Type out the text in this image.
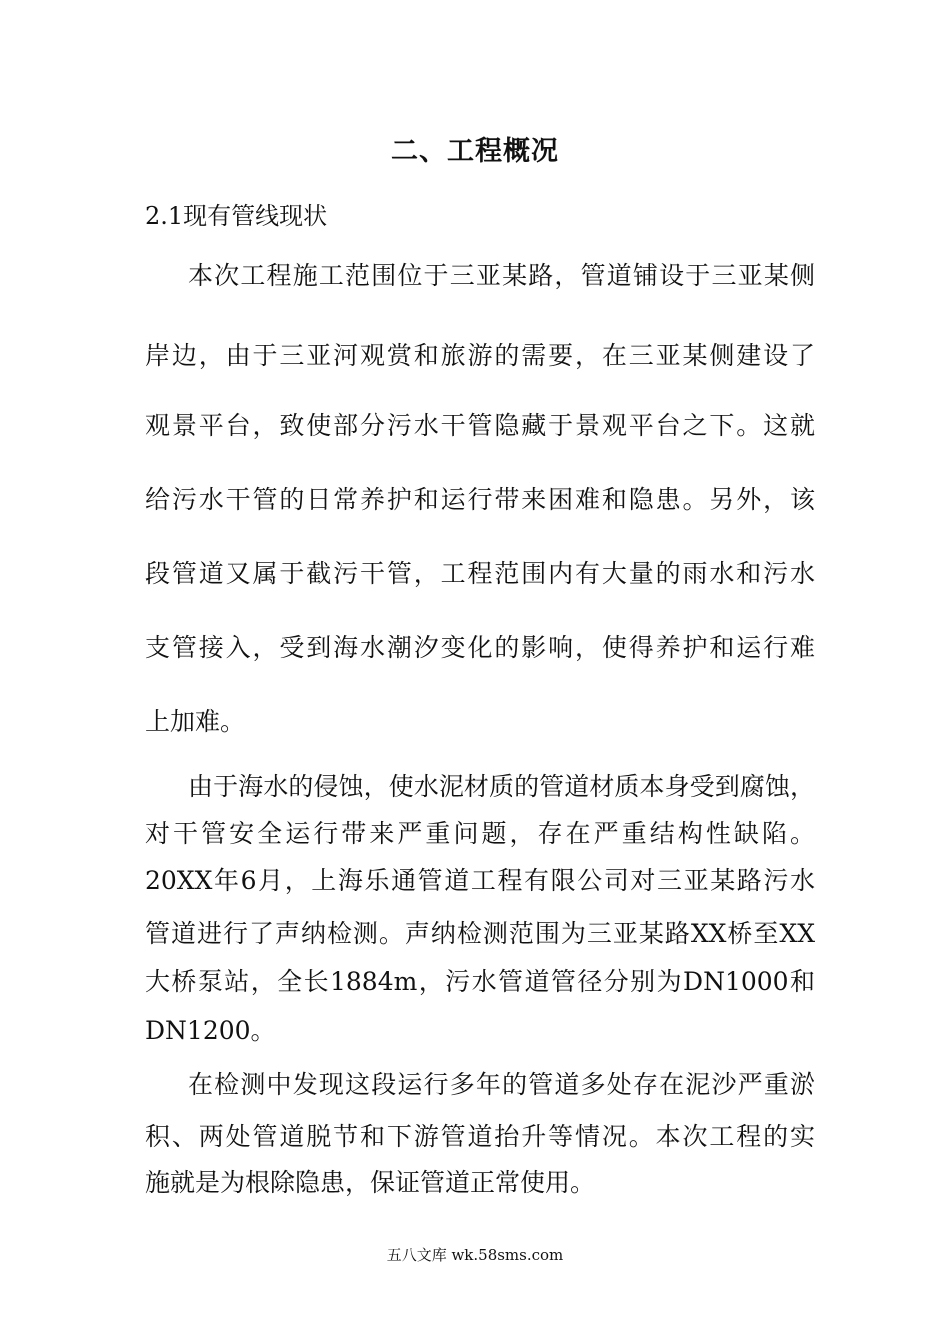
二、工程概况
2.1现有管线现状
本次工程施工范围位于三亚某路，管道铺设于三亚某侧
岸边，由于三亚河观赏和旅游的需要，在三亚某侧建设了
观景平台，致使部分污水干管隐藏于景观平台之下。这就
给污水干管的日常养护和运行带来困难和隐患。另外，该
段管道又属于截污干管，工程范围内有大量的雨水和污水
支管接入，受到海水潮汐变化的影响，使得养护和运行难
上加难。
由于海水的侵蚀，使水泥材质的管道材质本身受到腐蚀，
对干管安全运行带来严重问题，存在严重结构性缺陷。
20XX年6月，上海乐通管道工程有限公司对三亚某路污水
管道进行了声纳检测。声纳检测范围为三亚某路XX桥至XX
大桥泵站，全长1884m，污水管道管径分别为DN1000和
DN1200。
在检测中发现这段运行多年的管道多处存在泥沙严重淤
积、两处管道脱节和下游管道抬升等情况。本次工程的实
施就是为根除隐患，保证管道正常使用。
五八文库 wk.58sms.com
